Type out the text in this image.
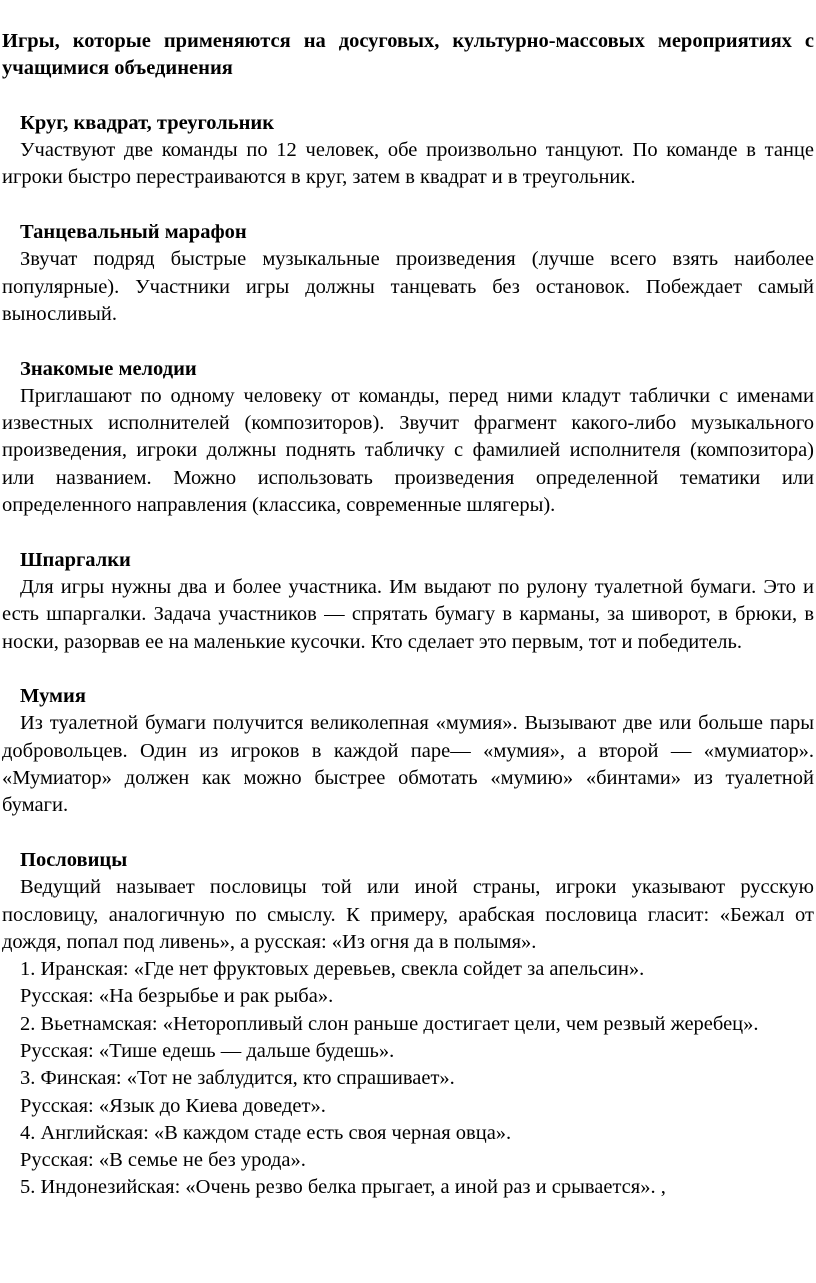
Игры, которые применяются на досуговых, культурно-массовых мероприятиях с учащимися объединения

Круг, квадрат, треугольник

Участвуют две команды по 12 человек, обе произвольно танцуют. По команде в танце игроки быстро перестраиваются в круг, затем в квадрат и в треугольник.

Танцевальный марафон

Звучат подряд быстрые музыкальные произведения (лучше всего взять наиболее популярные). Участники игры должны танцевать без остановок. Побеждает самый выносливый.

Знакомые мелодии

Приглашают по одному человеку от команды, перед ними кладут таблички с именами известных исполнителей (композиторов). Звучит фрагмент какого-либо музыкального произведения, игроки должны поднять табличку с фамилией исполнителя (композитора) или названием. Можно использовать произведения определенной тематики или определенного направления (классика, современные шлягеры).

Шпаргалки

Для игры нужны два и более участника. Им выдают по рулону туалетной бумаги. Это и есть шпаргалки. Задача участников — спрятать бумагу в карманы, за шиворот, в брюки, в носки, разорвав ее на маленькие кусочки. Кто сделает это первым, тот и победитель.

Мумия

Из туалетной бумаги получится великолепная «мумия». Вызывают две или больше пары добровольцев. Один из игроков в каждой паре— «мумия», а второй — «мумиатор». «Мумиатор» должен как можно быстрее обмотать «мумию» «бинтами» из туалетной бумаги.

Пословицы

Ведущий называет пословицы той или иной страны, игроки указывают русскую пословицу, аналогичную по смыслу. К примеру, арабская пословица гласит: «Бежал от дождя, попал под ливень», а русская: «Из огня да в полымя».

1. Иранская: «Где нет фруктовых деревьев, свекла сойдет за апельсин».

Русская: «На безрыбье и рак рыба».

2. Вьетнамская: «Неторопливый слон раньше достигает цели, чем резвый жеребец».

Русская: «Тише едешь — дальше будешь».

3. Финская: «Тот не заблудится, кто спрашивает».

Русская: «Язык до Киева доведет».

4. Английская: «В каждом стаде есть своя черная овца».

Русская: «В семье не без урода».

5. Индонезийская: «Очень резво белка прыгает, а иной раз и срывается». ,
